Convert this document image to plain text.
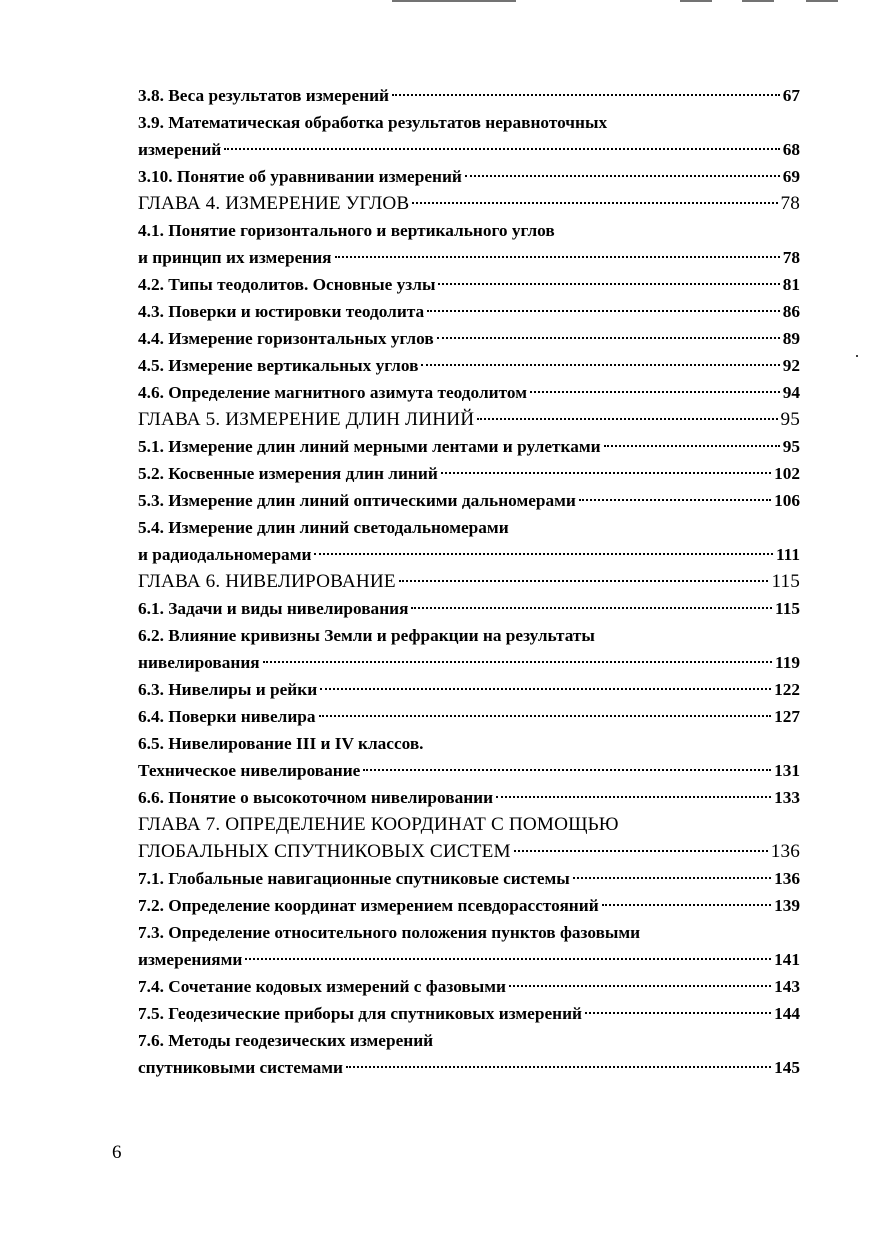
3.8. Веса результатов измерений	67
3.9. Математическая обработка результатов неравноточных
измерений	68
3.10. Понятие об уравнивании измерений	69
ГЛАВА 4. ИЗМЕРЕНИЕ УГЛОВ	78
4.1. Понятие горизонтального и вертикального углов
и принцип их измерения	78
4.2. Типы теодолитов. Основные узлы	81
4.3. Поверки и юстировки теодолита	86
4.4. Измерение горизонтальных углов	89
4.5. Измерение вертикальных углов	92
4.6. Определение магнитного азимута теодолитом	94
ГЛАВА 5. ИЗМЕРЕНИЕ ДЛИН ЛИНИЙ	95
5.1. Измерение длин линий мерными лентами и рулетками	95
5.2. Косвенные измерения длин линий	102
5.3. Измерение длин линий оптическими дальномерами	106
5.4. Измерение длин линий светодальномерами
и радиодальномерами	111
ГЛАВА 6. НИВЕЛИРОВАНИЕ	115
6.1. Задачи и виды нивелирования	115
6.2. Влияние кривизны Земли и рефракции на результаты
нивелирования	119
6.3. Нивелиры и рейки	122
6.4. Поверки нивелира	127
6.5. Нивелирование III и IV классов.
Техническое нивелирование	131
6.6. Понятие о высокоточном нивелировании	133
ГЛАВА 7. ОПРЕДЕЛЕНИЕ КООРДИНАТ С ПОМОЩЬЮ
ГЛОБАЛЬНЫХ СПУТНИКОВЫХ СИСТЕМ	136
7.1. Глобальные навигационные спутниковые системы	136
7.2. Определение координат измерением псевдорасстояний	139
7.3. Определение относительного положения пунктов фазовыми
измерениями	141
7.4. Сочетание кодовых измерений с фазовыми	143
7.5. Геодезические приборы для спутниковых измерений	144
7.6. Методы геодезических измерений
спутниковыми системами	145
6
